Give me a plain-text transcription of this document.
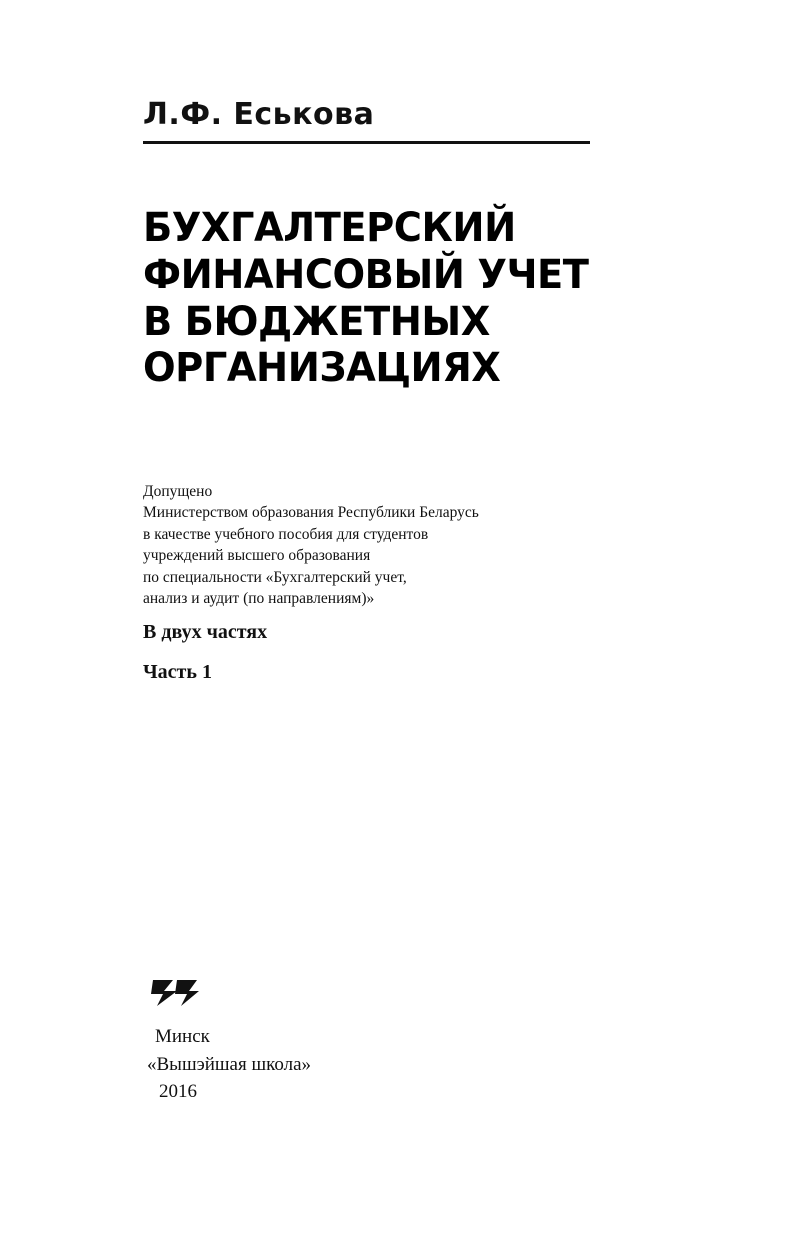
Л.Ф. Еськова
БУХГАЛТЕРСКИЙ
ФИНАНСОВЫЙ УЧЕТ
В БЮДЖЕТНЫХ
ОРГАНИЗАЦИЯХ
Допущено
Министерством образования Республики Беларусь
в качестве учебного пособия для студентов
учреждений высшего образования
по специальности «Бухгалтерский учет,
анализ и аудит (по направлениям)»
В двух частях
Часть 1
Минск
«Вышэйшая школа»
2016
